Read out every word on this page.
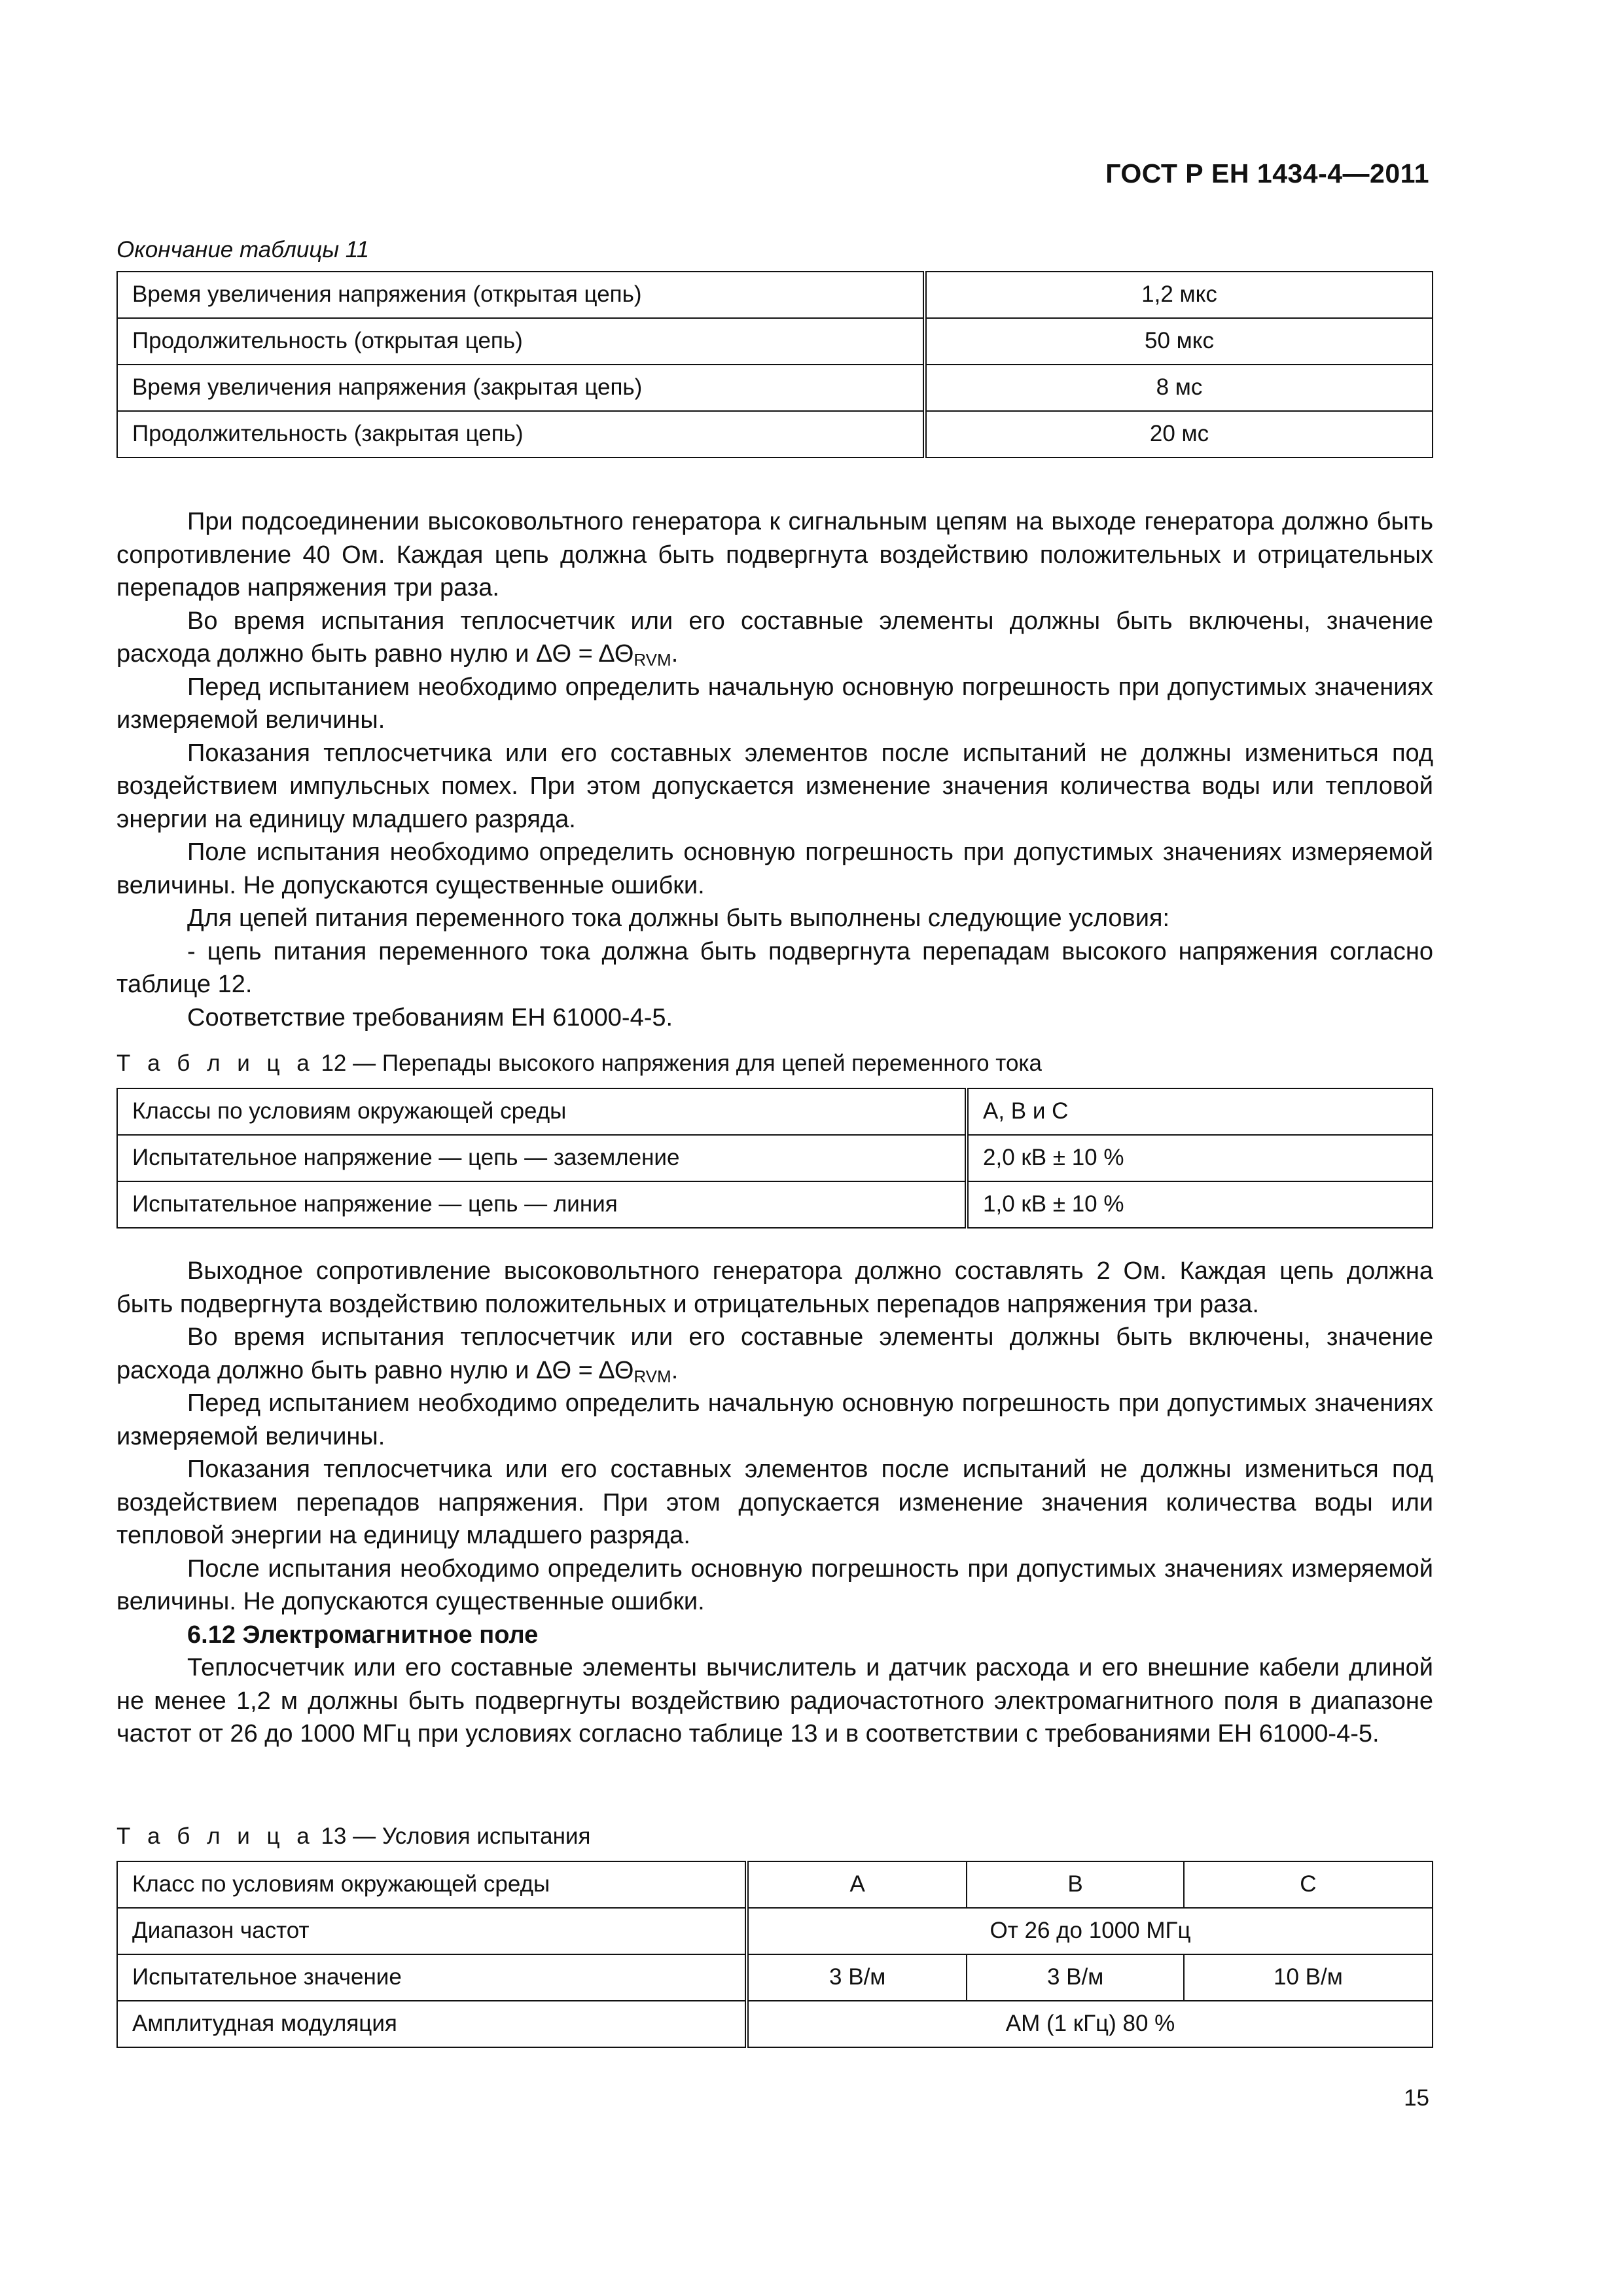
ГОСТ Р ЕН 1434-4—2011
Окончание таблицы 11
Время увеличения напряжения (открытая цепь)	1,2 мкс
Продолжительность (открытая цепь)	50 мкс
Время увеличения напряжения (закрытая цепь)	8 мс
Продолжительность (закрытая цепь)	20 мс

При подсоединении высоковольтного генератора к сигнальным цепям на выходе генератора должно быть сопротивление 40 Ом. Каждая цепь должна быть подвергнута воздействию положительных и отрицательных перепадов напряжения три раза.

Во время испытания теплосчетчик или его составные элементы должны быть включены, значение расхода должно быть равно нулю и $\Delta\Theta = \Delta\Theta_{RVM}$.

Перед испытанием необходимо определить начальную основную погрешность при допустимых значениях измеряемой величины.

Показания теплосчетчика или его составных элементов после испытаний не должны измениться под воздействием импульсных помех. При этом допускается изменение значения количества воды или тепловой энергии на единицу младшего разряда.

Поле испытания необходимо определить основную погрешность при допустимых значениях измеряемой величины. Не допускаются существенные ошибки.

Для цепей питания переменного тока должны быть выполнены следующие условия:

- цепь питания переменного тока должна быть подвергнута перепадам высокого напряжения согласно таблице 12.

Соответствие требованиям ЕН 61000-4-5.

Т а б л и ц а 12 — Перепады высокого напряжения для цепей переменного тока
Классы по условиям окружающей среды	А, В и С
Испытательное напряжение — цепь — заземление	2,0 кВ ± 10 %
Испытательное напряжение — цепь — линия	1,0 кВ ± 10 %

Выходное сопротивление высоковольтного генератора должно составлять 2 Ом. Каждая цепь должна быть подвергнута воздействию положительных и отрицательных перепадов напряжения три раза.

Во время испытания теплосчетчик или его составные элементы должны быть включены, значение расхода должно быть равно нулю и $\Delta\Theta = \Delta\Theta_{RVM}$.

Перед испытанием необходимо определить начальную основную погрешность при допустимых значениях измеряемой величины.

Показания теплосчетчика или его составных элементов после испытаний не должны измениться под воздействием перепадов напряжения. При этом допускается изменение значения количества воды или тепловой энергии на единицу младшего разряда.

После испытания необходимо определить основную погрешность при допустимых значениях измеряемой величины. Не допускаются существенные ошибки.

6.12 Электромагнитное поле

Теплосчетчик или его составные элементы вычислитель и датчик расхода и его внешние кабели длиной не менее 1,2 м должны быть подвергнуты воздействию радиочастотного электромагнитного поля в диапазоне частот от 26 до 1000 МГц при условиях согласно таблице 13 и в соответствии с требованиями ЕН 61000-4-5.

Т а б л и ц а 13 — Условия испытания
Класс по условиям окружающей среды	А	В	С
Диапазон частот	От 26 до 1000 МГц		
Испытательное значение	3 В/м	3 В/м	10 В/м
Амплитудная модуляция	АМ (1 кГц) 80 %		
15
